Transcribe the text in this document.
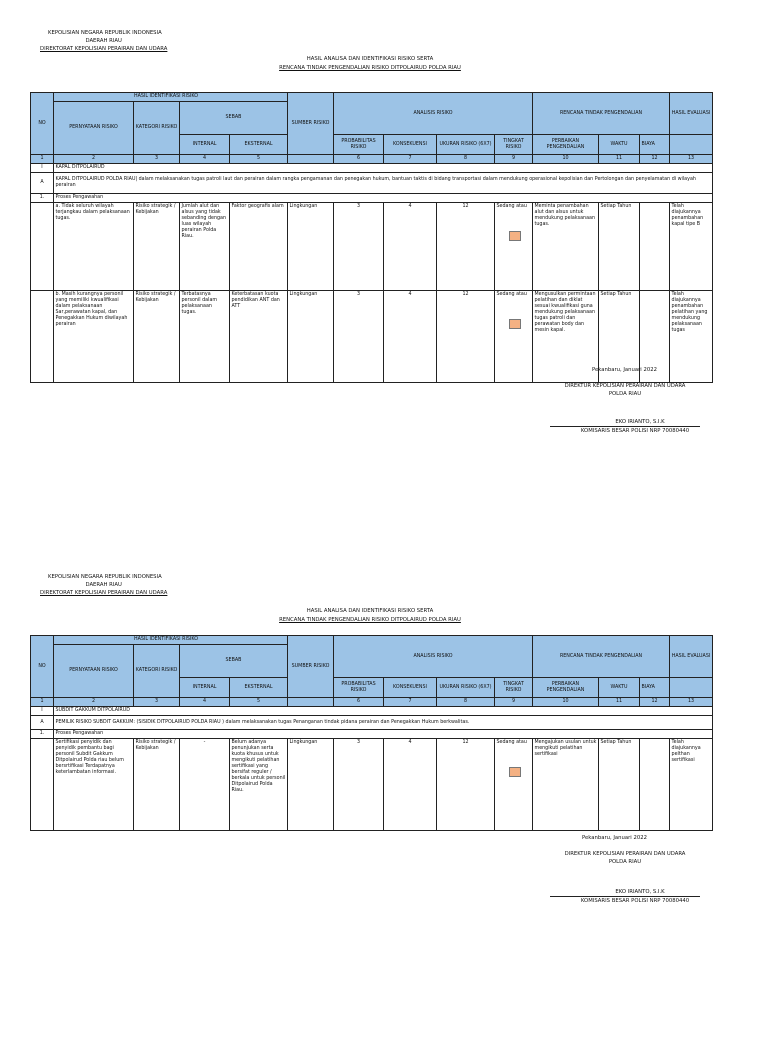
KEPOLISIAN NEGARA REPUBLIK INDONESIA
DAERAH RIAU
DIREKTORAT KEPOLISIAN PERAIRAN DAN UDARA
HASIL ANALISA DAN IDENTIFIKASI RISIKO SERTA
RENCANA TINDAK PENGENDALIAN RISIKO DITPOLAIRUD POLDA RIAU
NO	HASIL IDENTIFIKASI RISIKO				SUMBER RISIKO	ANALISIS RISIKO				RENCANA TINDAK PENGENDALIAN			HASIL EVALUASI
	PERNYATAAN RISIKO	KATEGORI RISIKO	SEBAB										
			INTERNAL	EKSTERNAL		PROBABILITAS RISIKO	KONSEKUENSI	UKURAN RISIKO (6X7)	TINGKAT RISIKO	PERBAIKAN PENGENDALIAN	WAKTU	BIAYA	
1	2	3	4	5		6	7	8	9	10	11	12	13
I	KAPAL DITPOLAIRUD												
A	KAPAL DITPOLAIRUD POLDA RIAU| dalam melaksanakan tugas patroli laut dan perairan dalam rangka pengamanan dan penegakan hukum, bantuan taktis di bidang transportasi dalam mendukung operasional kepolisian dan Pertolongan dan penyelamatan di wilayah perairan												
1.	Proses Pengawahan												
	a. Tidak seluruh wilayah terjangkau dalam pelaksanaan tugas.	Risiko strategik / Kebijakan	Jumlah alut dan alsus yang tidak sebanding dengan luas wilayah perairan Polda Riau.	Faktor geografis alam	Lingkungan	3	4	12	Sedang atau	Meminta penambahan alut dan alsus untuk mendukung pelaksanaan tugas.	Setiap Tahun		Telah diajukannya penambahan kapal tipe B
	b. Masih kurangnya personil yang memiliki kwualifikasi dalam pelaksanaan Sar,perawatan kapal, dan Penegakkan Hukum diwilayah perairan	Risiko strategik / Kebijakan	Terbatasnya personil dalam pelaksanaan tugas.	Keterbatasan kuota pendidikan ANT dan ATT	Lingkungan	3	4	12	Sedang atau	Mengusulkan permintaan pelatihan dan diklat sesuai kwualifikasi guna mendukung pelaksanaan tugas patroli dan perawatan body dan mesin kapal.	Setiap Tahun		Telah diajukannya penambahan pelatihan yang mendukung pelaksanaan tugas
Pekanbaru, Januari 2022
DIREKTUR KEPOLISIAN PERAIRAN DAN UDARA
POLDA RIAU
EKO IRIANTO, S.I.K
KOMISARIS BESAR POLISI NRP 70080440
KEPOLISIAN NEGARA REPUBLIK INDONESIA
DAERAH RIAU
DIREKTORAT KEPOLISIAN PERAIRAN DAN UDARA
HASIL ANALISA DAN IDENTIFIKASI RISIKO SERTA
RENCANA TINDAK PENGENDALIAN RISIKO DITPOLAIRUD POLDA RIAU
NO	HASIL IDENTIFIKASI RISIKO				SUMBER RISIKO	ANALISIS RISIKO				RENCANA TINDAK PENGENDALIAN			HASIL EVALUASI
	PERNYATAAN RISIKO	KATEGORI RISIKO	SEBAB										
			INTERNAL	EKSTERNAL		PROBABILITAS RISIKO	KONSEKUENSI	UKURAN RISIKO (6X7)	TINGKAT RISIKO	PERBAIKAN PENGENDALIAN	WAKTU	BIAYA	
1	2	3	4	5		6	7	8	9	10	11	12	13
I	SUBDIT GAKKUM DITPOLAIRUD												
A	PEMILIK RISIKO SUBDIT GAKKUM: (SISIDIK DITPOLAIRUD POLDA RIAU ) dalam melaksanakan tugas Penanganan tindak pidana perairan dan Penegakkan Hukum berkwalitas.												
1.	Proses Pengawahan												
	Sertifikasi penyidik dan penyidik pembantu bagi personil Subdit Gakkum Ditpolairud Polda riau belum bersrtifikasi Terdapatnya keterlambatan informasi.	Risiko strategik / Kebijakan	-	Belum adanya penunjukan serta kuota khusus untuk mengikuti pelatihan sertifikasi yang bersifat reguler / berkala untuk personil Ditpolairud Polda Riau.	Lingkungan	3	4	12	Sedang atau	Mengajukan usulan untuk mengikuti pelatihan sertifikasi	Setiap Tahun		Telah diajukannya pelthan sertifikasi
Pekanbaru, Januari 2022
DIREKTUR KEPOLISIAN PERAIRAN DAN UDARA
POLDA RIAU
EKO IRIANTO, S.I.K
KOMISARIS BESAR POLISI NRP 70080440
